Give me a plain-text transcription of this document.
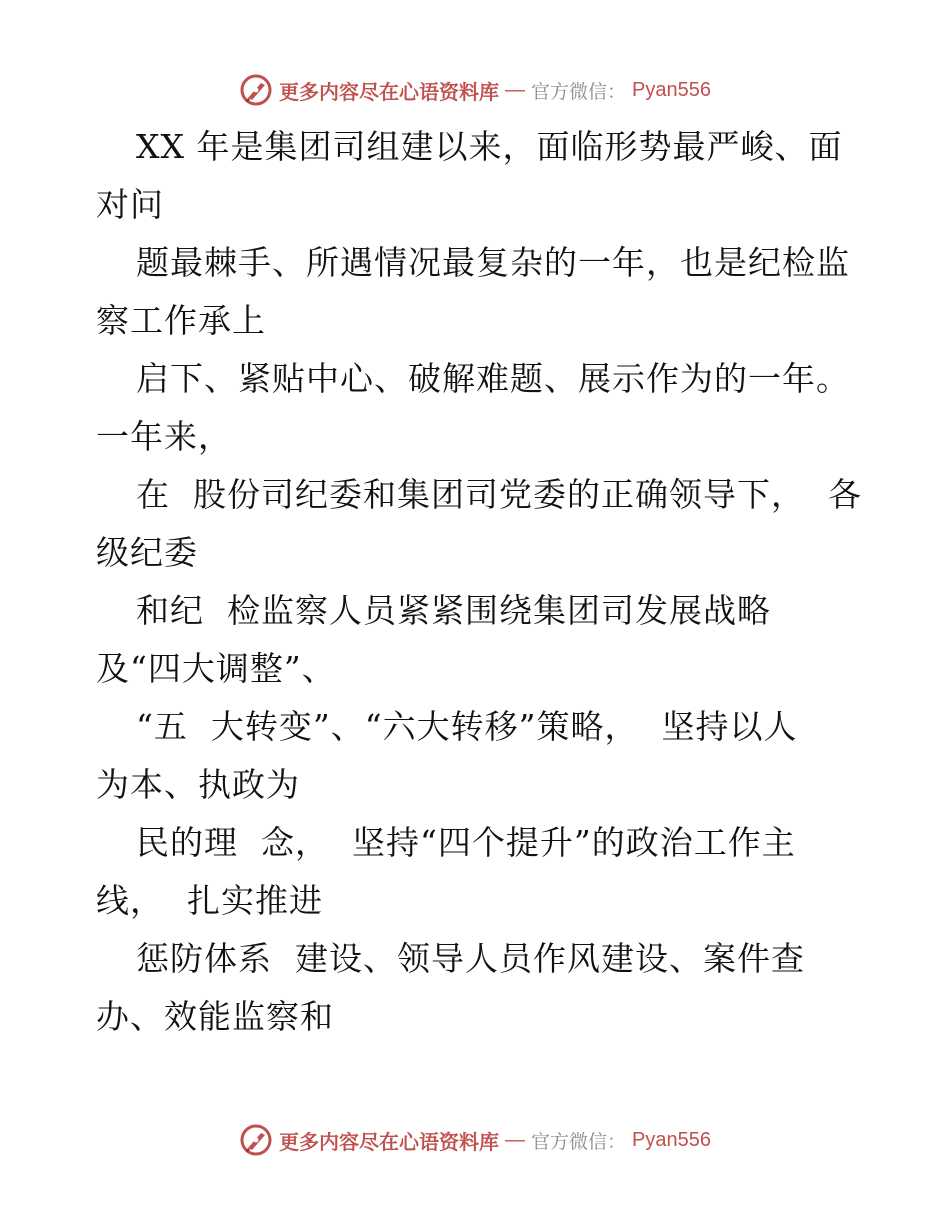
更多内容尽在心语资料库 — 官方微信： Pyan556
XX 年是集团司组建以来，面临形势最严峻、面
对问
题最棘手、所遇情况最复杂的一年，也是纪检监
察工作承上
启下、紧贴中心、破解难题、展示作为的一年。
一年来，
在  股份司纪委和集团司党委的正确领导下，  各
级纪委
和纪  检监察人员紧紧围绕集团司发展战略
及“四大调整”、
“五  大转变”、“六大转移”策略，  坚持以人
为本、执政为
民的理  念，  坚持“四个提升”的政治工作主
线，  扎实推进
惩防体系  建设、领导人员作风建设、案件查
办、效能监察和
更多内容尽在心语资料库 — 官方微信： Pyan556
